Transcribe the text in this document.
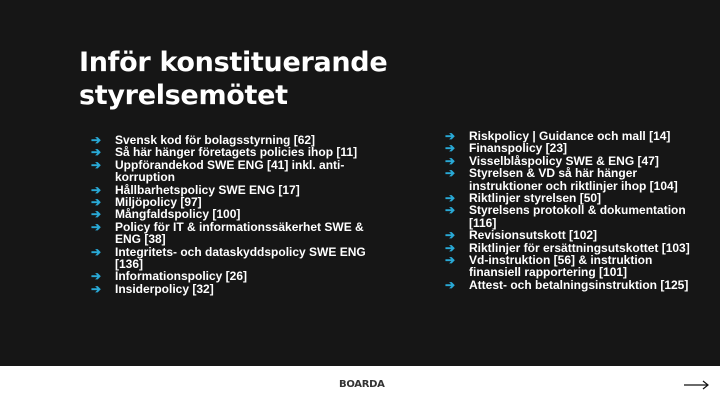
Inför konstituerande styrelsemötet
➔ Svensk kod för bolagsstyrning [62]
➔ Så här hänger företagets policies ihop [11]
➔ Uppförandekod SWE ENG [41] inkl. anti-korruption
➔ Hållbarhetspolicy SWE ENG [17]
➔ Miljöpolicy [97]
➔ Mångfaldspolicy [100]
➔ Policy för IT & informationssäkerhet SWE & ENG [38]
➔ Integritets- och dataskyddspolicy SWE ENG [136]
➔ Informationspolicy [26]
➔ Insiderpolicy [32]
➔ Riskpolicy | Guidance och mall [14]
➔ Finanspolicy [23]
➔ Visselblåspolicy SWE & ENG [47]
➔ Styrelsen & VD så här hänger instruktioner och riktlinjer ihop [104]
➔ Riktlinjer styrelsen [50]
➔ Styrelsens protokoll & dokumentation [116]
➔ Revisionsutskott [102]
➔ Riktlinjer för ersättningsutskottet [103]
➔ Vd-instruktion [56] & instruktion finansiell rapportering [101]
➔ Attest- och betalningsinstruktion [125]
BOARDA
